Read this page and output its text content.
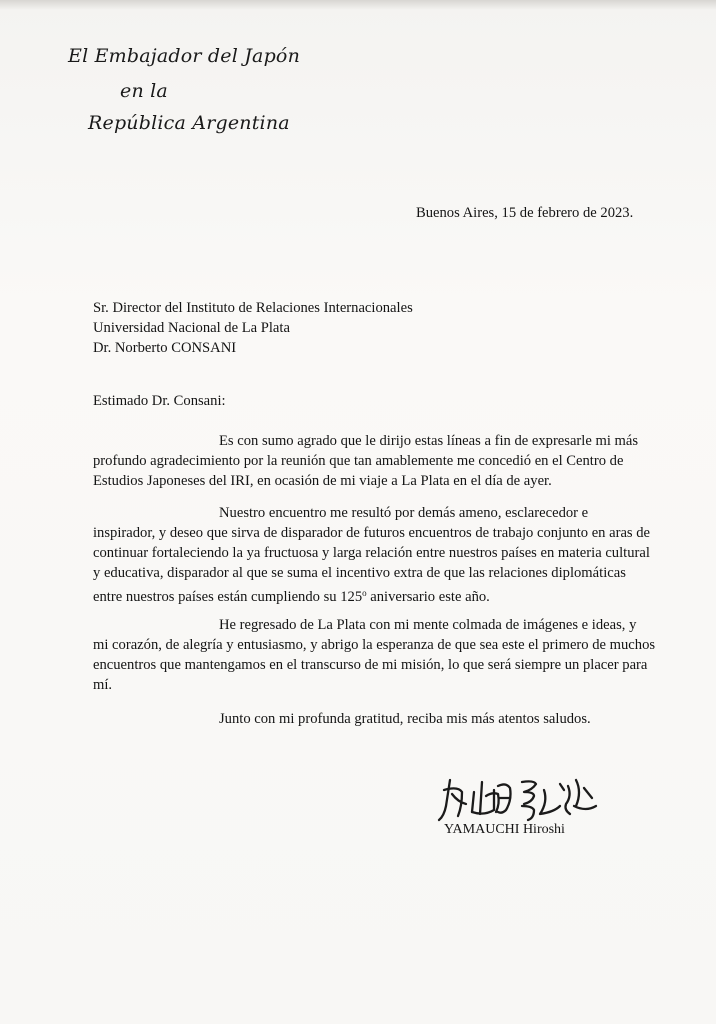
El Embajador del Japón
en la
República Argentina
Buenos Aires, 15 de febrero de 2023.
Sr. Director del Instituto de Relaciones Internacionales
Universidad Nacional de La Plata
Dr. Norberto CONSANI
Estimado Dr. Consani:
Es con sumo agrado que le dirijo estas líneas a fin de expresarle mi más
profundo agradecimiento por la reunión que tan amablemente me concedió en el Centro de
Estudios Japoneses del IRI, en ocasión de mi viaje a La Plata en el día de ayer.
Nuestro encuentro me resultó por demás ameno, esclarecedor e
inspirador, y deseo que sirva de disparador de futuros encuentros de trabajo conjunto en aras de
continuar fortaleciendo la ya fructuosa y larga relación entre nuestros países en materia cultural
y educativa, disparador al que se suma el incentivo extra de que las relaciones diplomáticas
entre nuestros países están cumpliendo su 125$^o$ aniversario este año.
He regresado de La Plata con mi mente colmada de imágenes e ideas, y
mi corazón, de alegría y entusiasmo, y abrigo la esperanza de que sea este el primero de muchos
encuentros que mantengamos en el transcurso de mi misión, lo que será siempre un placer para
mí.
Junto con mi profunda gratitud, reciba mis más atentos saludos.
YAMAUCHI Hiroshi
